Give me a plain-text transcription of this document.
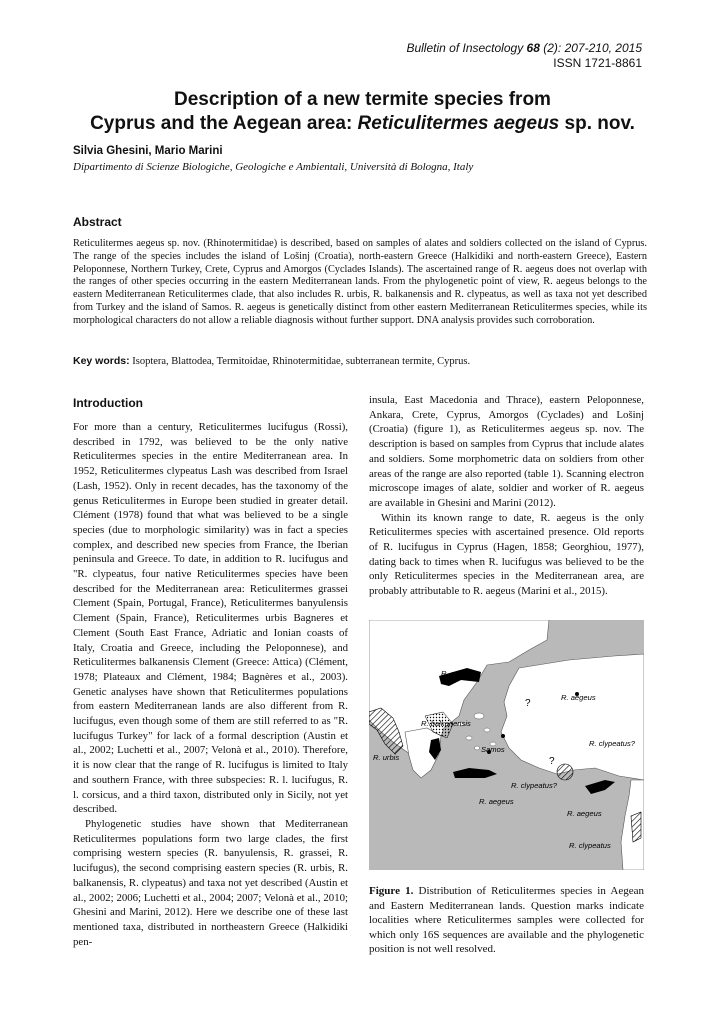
Bulletin of Insectology 68 (2): 207-210, 2015
ISSN 1721-8861
Description of a new termite species from
Cyprus and the Aegean area: Reticulitermes aegeus sp. nov.
Silvia Ghesini, Mario Marini
Dipartimento di Scienze Biologiche, Geologiche e Ambientali, Università di Bologna, Italy
Abstract
Reticulitermes aegeus sp. nov. (Rhinotermitidae) is described, based on samples of alates and soldiers collected on the island of Cyprus. The range of the species includes the island of Lošinj (Croatia), north-eastern Greece (Halkidiki and north-eastern Greece), Eastern Peloponnese, Northern Turkey, Crete, Cyprus and Amorgos (Cyclades Islands). The ascertained range of R. aegeus does not overlap with the ranges of other species occurring in the eastern Mediterranean lands. From the phylogenetic point of view, R. aegeus belongs to the eastern Mediterranean Reticulitermes clade, that also includes R. urbis, R. balkanensis and R. clypeatus, as well as taxa not yet described from Turkey and the island of Samos. R. aegeus is genetically distinct from other eastern Mediterranean Reticulitermes species, while its morphological characters do not allow a reliable diagnosis without further support. DNA analysis provides such corroboration.
Key words: Isoptera, Blattodea, Termitoidae, Rhinotermitidae, subterranean termite, Cyprus.
Introduction

For more than a century, Reticulitermes lucifugus (Rossi), described in 1792, was believed to be the only native Reticulitermes species in the entire Mediterranean area. In 1952, Reticulitermes clypeatus Lash was described from Israel (Lash, 1952). Only in recent decades, has the taxonomy of the genus Reticulitermes in Europe been studied in greater detail. Clément (1978) found that what was believed to be a single species (due to morphologic similarity) was in fact a species complex, and described new species from France, the Iberian peninsula and Greece. To date, in addition to R. lucifugus and "R. clypeatus, four native Reticulitermes species have been described for the Mediterranean area: Reticulitermes grassei Clement (Spain, Portugal, France), Reticulitermes banyulensis Clement (Spain, France), Reticulitermes urbis Bagneres et Clement (South East France, Adriatic and Ionian coasts of Italy, Croatia and Greece, including the Peloponnese), and Reticulitermes balkanensis Clement (Greece: Attica) (Clément, 1978; Plateaux and Clément, 1984; Bagnères et al., 2003). Genetic analyses have shown that Reticulitermes populations from eastern Mediterranean lands are also different from R. lucifugus, even though some of them are still referred to as "R. lucifugus Turkey" for lack of a formal description (Austin et al., 2002; Luchetti et al., 2007; Velonà et al., 2010). Therefore, it is now clear that the range of R. lucifugus is limited to Italy and southern France, with three subspecies: R. l. lucifugus, R. l. corsicus, and a third taxon, distributed only in Sicily, not yet described.

Phylogenetic studies have shown that Mediterranean Reticulitermes populations form two large clades, the first comprising western species (R. banyulensis, R. grassei, R. lucifugus), the second comprising eastern species (R. urbis, R. balkanensis, R. clypeatus) and taxa not yet described (Austin et al., 2002; 2006; Luchetti et al., 2004; 2007; Velonà et al., 2010; Ghesini and Marini, 2012). Here we describe one of these last mentioned taxa, distributed in northeastern Greece (Halkidiki pen-

insula, East Macedonia and Thrace), eastern Peloponnese, Ankara, Crete, Cyprus, Amorgos (Cyclades) and Lošinj (Croatia) (figure 1), as Reticulitermes aegeus sp. nov. The description is based on samples from Cyprus that include alates and soldiers. Some morphometric data on soldiers from other areas of the range are also reported (table 1). Scanning electron microscope images of alate, soldier and worker of R. aegeus are available in Ghesini and Marini (2012).

Within its known range to date, R. aegeus is the only Reticulitermes species with ascertained presence. Old reports of R. lucifugus in Cyprus (Hagen, 1858; Georghiou, 1977), dating back to times when R. lucifugus was believed to be the only Reticulitermes species in the Mediterranean area, are probably attributable to R. aegeus (Marini et al., 2015).

R. aegeus
R. aegeus
R. aegeus
R. aegeus
R. balkanensis
R. urbis
Samos
R. clypeatus?
R. clypeatus?
R. clypeatus
?
?
Figure 1. Distribution of Reticulitermes species in Aegean and Eastern Mediterranean lands. Question marks indicate localities where Reticulitermes samples were collected for which only 16S sequences are available and the phylogenetic position is not well resolved.
